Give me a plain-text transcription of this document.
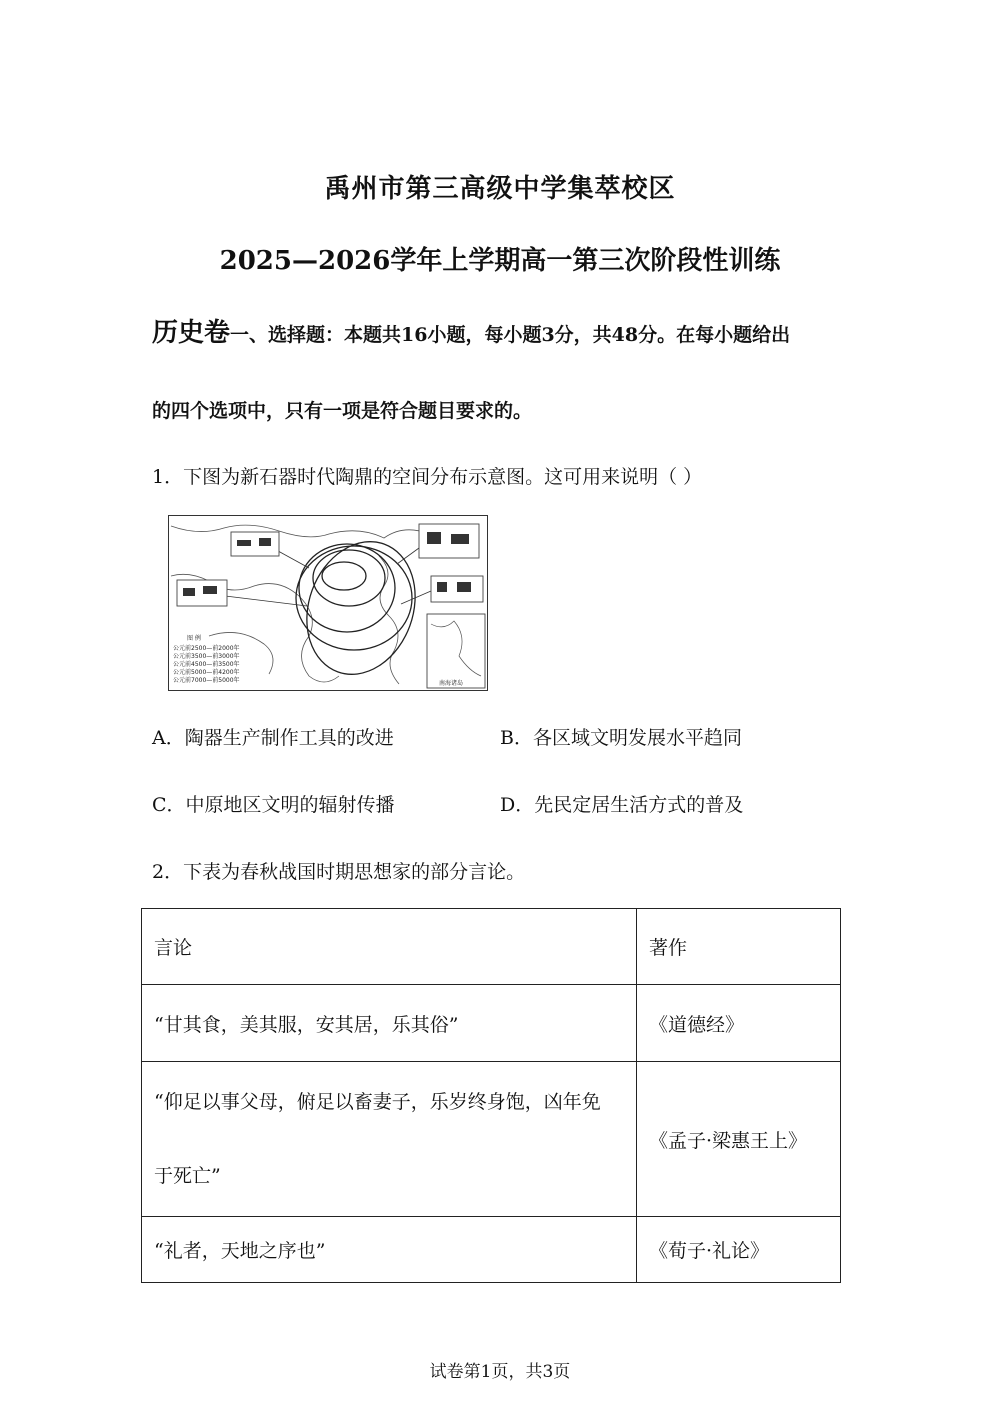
禹州市第三高级中学集萃校区
2025—2026学年上学期高一第三次阶段性训练
历史卷一、选择题：本题共16小题，每小题3分，共48分。在每小题给出
的四个选项中，只有一项是符合题目要求的。
1．下图为新石器时代陶鼎的空间分布示意图。这可用来说明（ ）
南海诸岛
图 例
公元前2500—前2000年
公元前3500—前3000年
公元前4500—前3500年
公元前5000—前4200年
公元前7000—前5000年
A．陶器生产制作工具的改进	B．各区域文明发展水平趋同
C．中原地区文明的辐射传播	D．先民定居生活方式的普及
2．下表为春秋战国时期思想家的部分言论。
言论	著作
“甘其食，美其服，安其居，乐其俗”	《道德经》

“仰足以事父母，俯足以畜妻子，乐岁终身饱，凶年免
于死亡”	《孟子·梁惠王上》
“礼者，天地之序也”	《荀子·礼论》
试卷第1页，共3页
